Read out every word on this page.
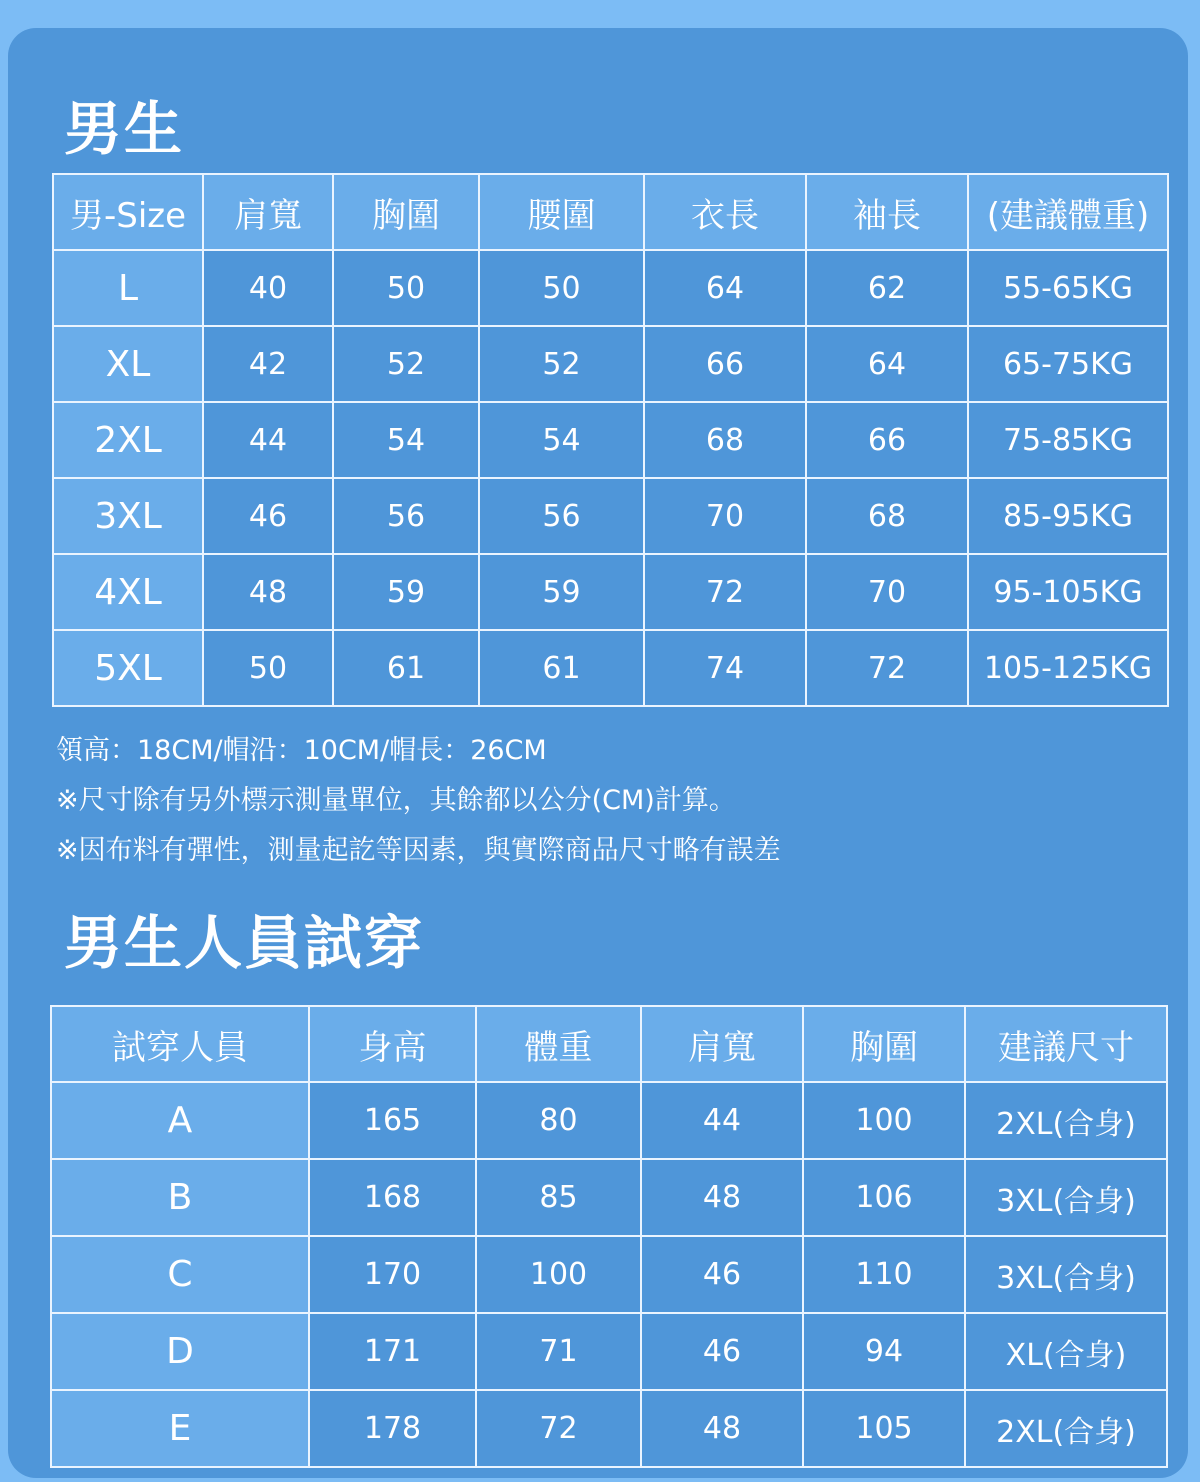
男生
男-Size	肩寬	胸圍	腰圍	衣長	袖長	(建議體重)
L	40	50	50	64	62	55-65KG
XL	42	52	52	66	64	65-75KG
2XL	44	54	54	68	66	75-85KG
3XL	46	56	56	70	68	85-95KG
4XL	48	59	59	72	70	95-105KG
5XL	50	61	61	74	72	105-125KG
領高：18CM/帽沿：10CM/帽長：26CM
※尺寸除有另外標示測量單位，其餘都以公分(CM)計算。
※因布料有彈性，測量起訖等因素，與實際商品尺寸略有誤差
男生人員試穿
試穿人員	身高	體重	肩寬	胸圍	建議尺寸
A	165	80	44	100	2XL(合身)
B	168	85	48	106	3XL(合身)
C	170	100	46	110	3XL(合身)
D	171	71	46	94	XL(合身)
E	178	72	48	105	2XL(合身)
